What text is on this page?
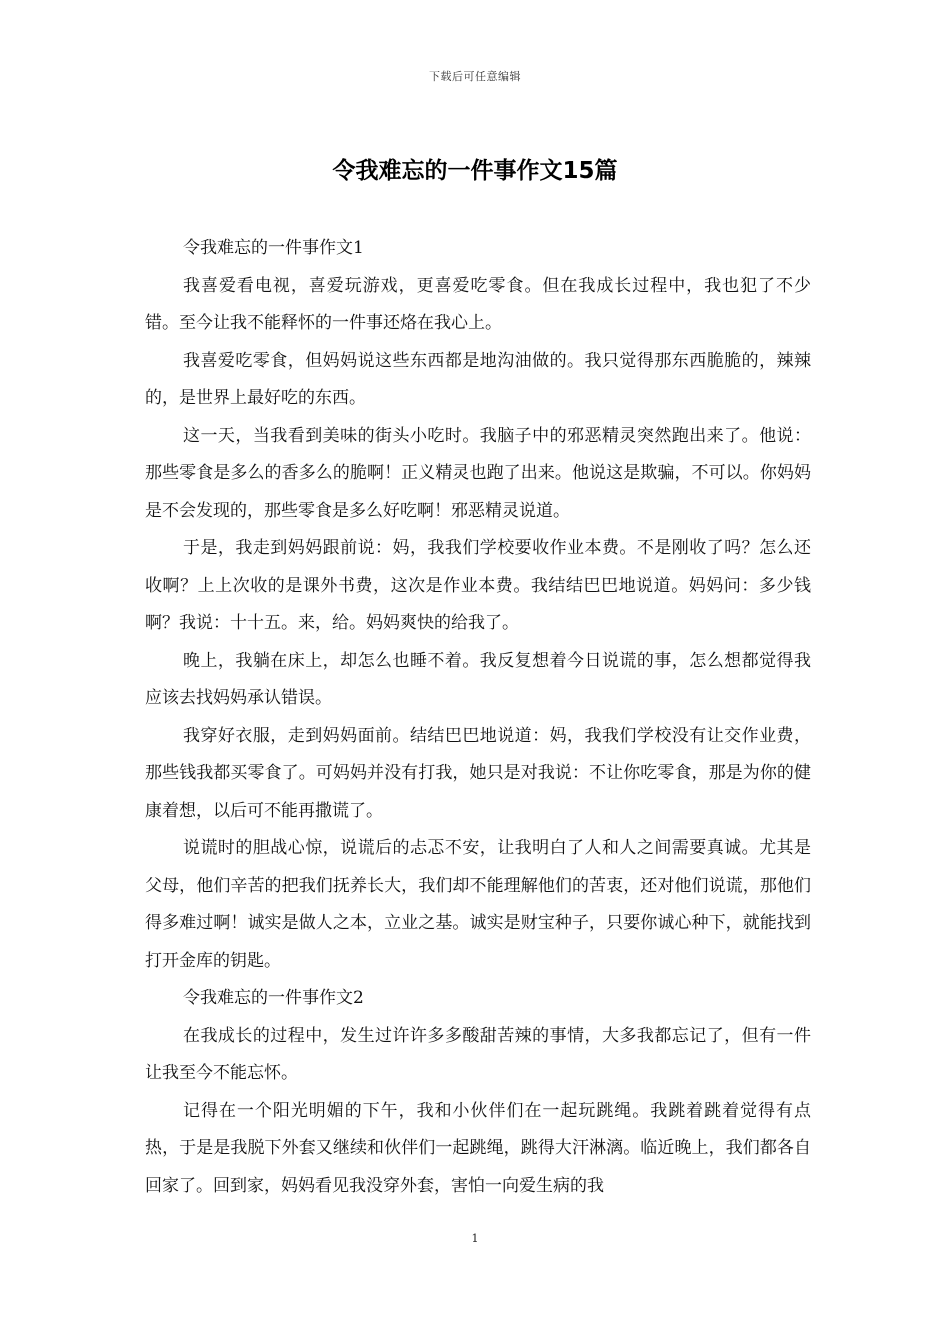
下载后可任意编辑
令我难忘的一件事作文15篇

令我难忘的一件事作文1

我喜爱看电视，喜爱玩游戏，更喜爱吃零食。但在我成长过程中，我也犯了不少错。至今让我不能释怀的一件事还烙在我心上。

我喜爱吃零食，但妈妈说这些东西都是地沟油做的。我只觉得那东西脆脆的，辣辣的，是世界上最好吃的东西。

这一天，当我看到美味的街头小吃时。我脑子中的邪恶精灵突然跑出来了。他说：那些零食是多么的香多么的脆啊！正义精灵也跑了出来。他说这是欺骗，不可以。你妈妈是不会发现的，那些零食是多么好吃啊！邪恶精灵说道。

于是，我走到妈妈跟前说：妈，我我们学校要收作业本费。不是刚收了吗？怎么还收啊？上上次收的是课外书费，这次是作业本费。我结结巴巴地说道。妈妈问：多少钱啊？我说：十十五。来，给。妈妈爽快的给我了。

晚上，我躺在床上，却怎么也睡不着。我反复想着今日说谎的事，怎么想都觉得我应该去找妈妈承认错误。

我穿好衣服，走到妈妈面前。结结巴巴地说道：妈，我我们学校没有让交作业费，那些钱我都买零食了。可妈妈并没有打我，她只是对我说：不让你吃零食，那是为你的健康着想，以后可不能再撒谎了。

说谎时的胆战心惊，说谎后的忐忑不安，让我明白了人和人之间需要真诚。尤其是父母，他们辛苦的把我们抚养长大，我们却不能理解他们的苦衷，还对他们说谎，那他们得多难过啊！诚实是做人之本，立业之基。诚实是财宝种子，只要你诚心种下，就能找到打开金库的钥匙。

令我难忘的一件事作文2

在我成长的过程中，发生过许许多多酸甜苦辣的事情，大多我都忘记了，但有一件让我至今不能忘怀。

记得在一个阳光明媚的下午，我和小伙伴们在一起玩跳绳。我跳着跳着觉得有点热，于是是我脱下外套又继续和伙伴们一起跳绳，跳得大汗淋漓。临近晚上，我们都各自回家了。回到家，妈妈看见我没穿外套，害怕一向爱生病的我

1
